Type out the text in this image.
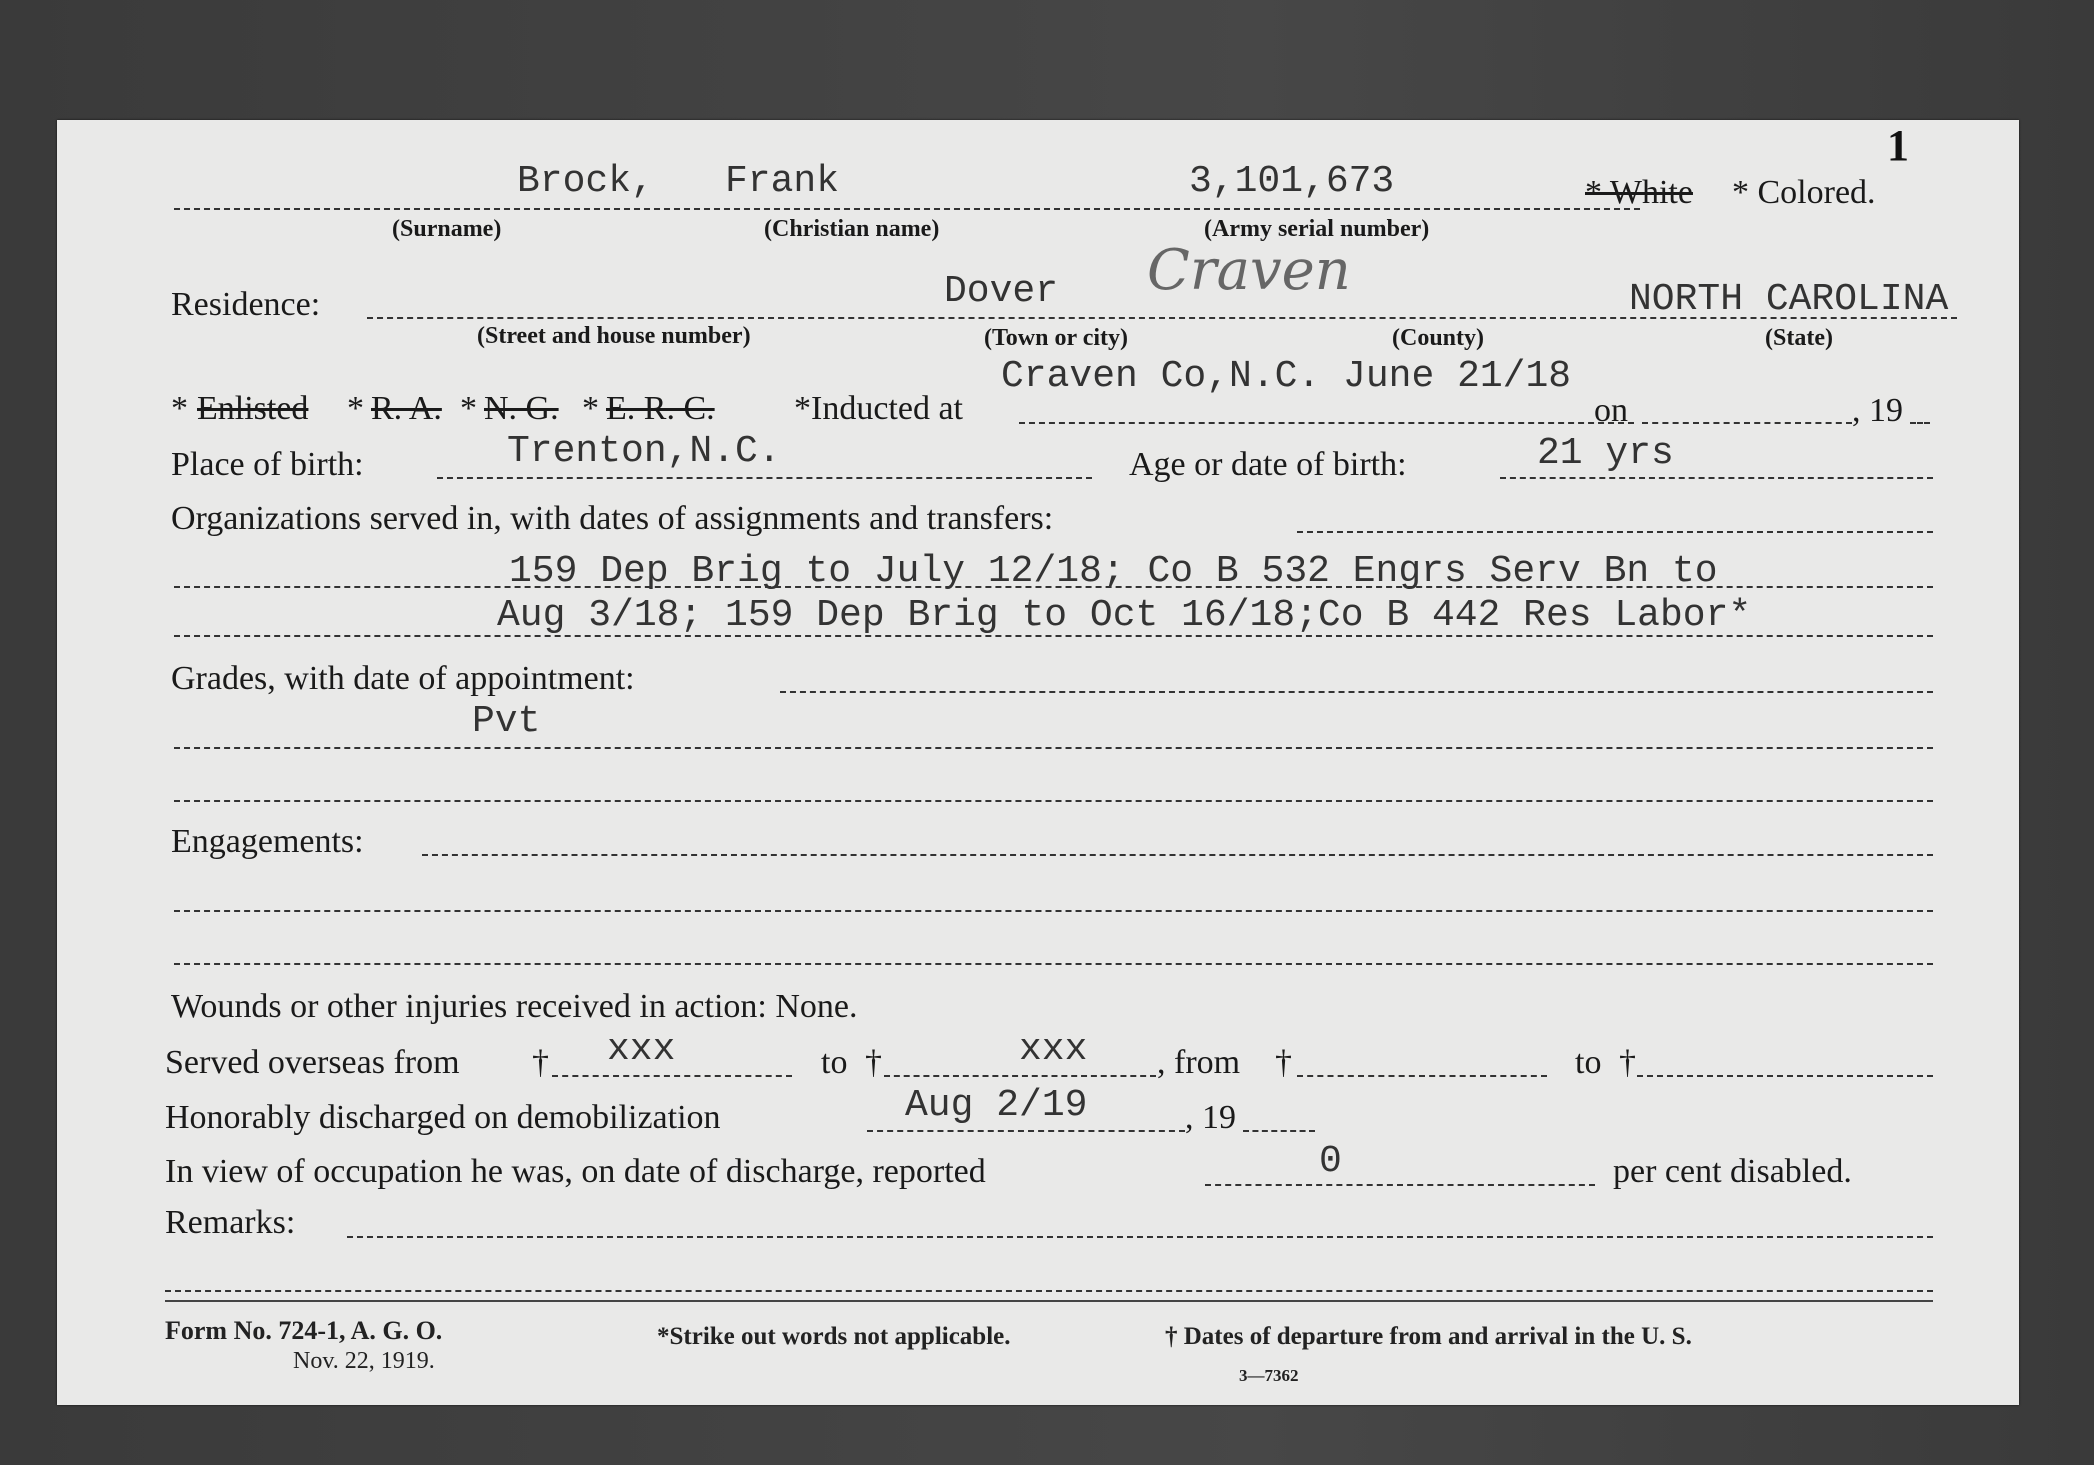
1
Brock, Frank	3,101,673	* White * Colored.
(Surname)	(Christian name)	(Army serial number)
Residence:	Dover Craven	NORTH CAROLINA
(Street and house number)	(Town or city)	(County)	(State)
Craven Co,N.C. June 21/18
* Enlisted * R. A. * N. G. * E. R. C. *Inducted at	on	, 19
Place of birth:	Trenton,N.C.	Age or date of birth:	21 yrs
Organizations served in, with dates of assignments and transfers:
159 Dep Brig to July 12/18; Co B 532 Engrs Serv Bn to
Aug 3/18; 159 Dep Brig to Oct 16/18;Co B 442 Res Labor*
Grades, with date of appointment:
Pvt
Engagements:
Wounds or other injuries received in action: None.
Served overseas from † xxx	to †	xxx , from †	to †
Honorably discharged on demobilization	Aug 2/19	, 19
In view of occupation he was, on date of discharge, reported	0	per cent disabled.
Remarks:
Form No. 724-1, A. G. O.
Nov. 22, 1919.
*Strike out words not applicable.	† Dates of departure from and arrival in the U. S.
3—7362
